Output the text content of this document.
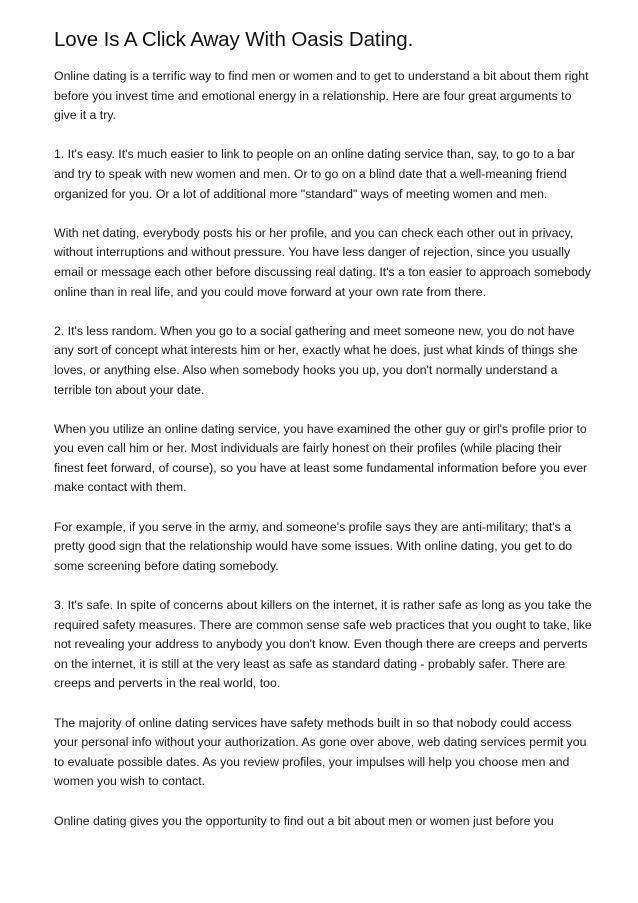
Love Is A Click Away With Oasis Dating.

Online dating is a terrific way to find men or women and to get to understand a bit about them right before you invest time and emotional energy in a relationship. Here are four great arguments to give it a try.

1. It's easy. It's much easier to link to people on an online dating service than, say, to go to a bar and try to speak with new women and men. Or to go on a blind date that a well-meaning friend organized for you. Or a lot of additional more "standard" ways of meeting women and men.

With net dating, everybody posts his or her profile, and you can check each other out in privacy, without interruptions and without pressure. You have less danger of rejection, since you usually email or message each other before discussing real dating. It's a ton easier to approach somebody online than in real life, and you could move forward at your own rate from there.

2. It's less random. When you go to a social gathering and meet someone new, you do not have any sort of concept what interests him or her, exactly what he does, just what kinds of things she loves, or anything else. Also when somebody hooks you up, you don't normally understand a terrible ton about your date.

When you utilize an online dating service, you have examined the other guy or girl's profile prior to you even call him or her. Most individuals are fairly honest on their profiles (while placing their finest feet forward, of course), so you have at least some fundamental information before you ever make contact with them.

For example, if you serve in the army, and someone's profile says they are anti-military; that's a pretty good sign that the relationship would have some issues. With online dating, you get to do some screening before dating somebody.

3. It's safe. In spite of concerns about killers on the internet, it is rather safe as long as you take the required safety measures. There are common sense safe web practices that you ought to take, like not revealing your address to anybody you don't know. Even though there are creeps and perverts on the internet, it is still at the very least as safe as standard dating - probably safer. There are creeps and perverts in the real world, too.

The majority of online dating services have safety methods built in so that nobody could access your personal info without your authorization. As gone over above, web dating services permit you to evaluate possible dates. As you review profiles, your impulses will help you choose men and women you wish to contact.

Online dating gives you the opportunity to find out a bit about men or women just before you
